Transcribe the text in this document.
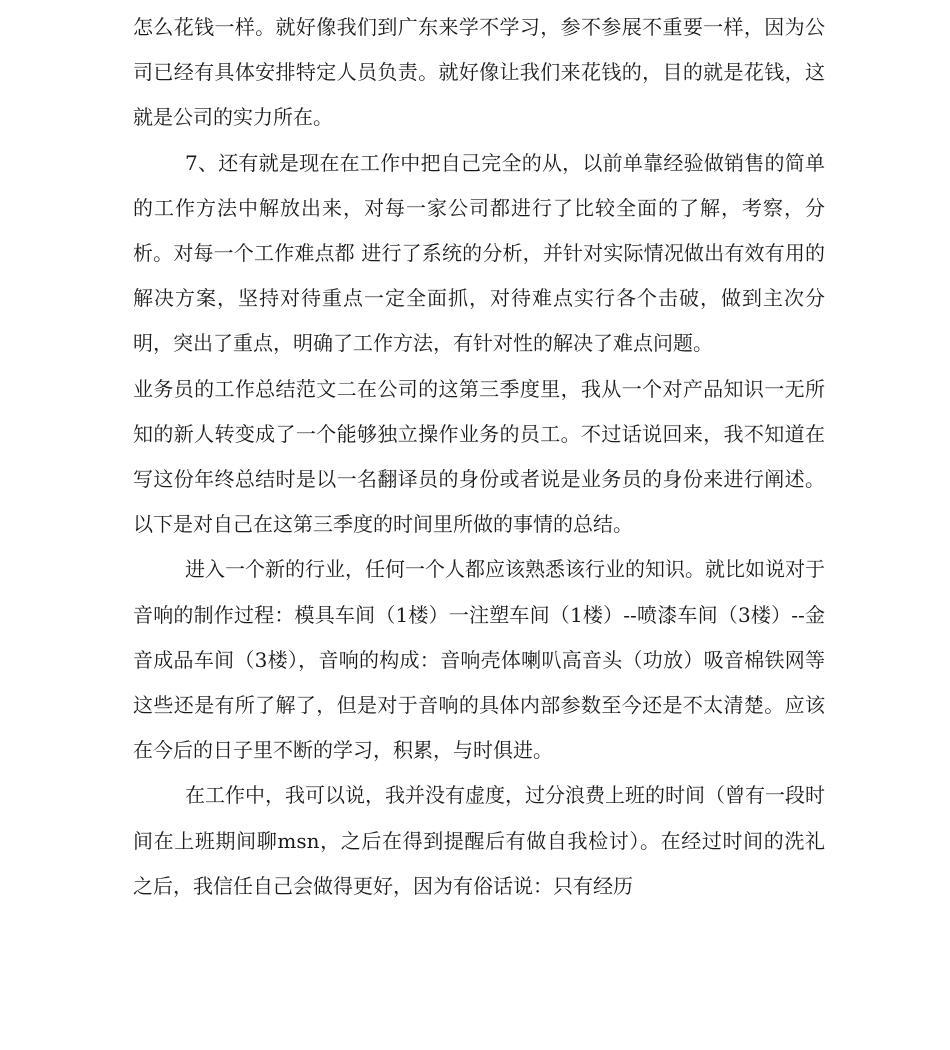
怎么花钱一样。就好像我们到广东来学不学习，参不参展不重要一样，因为公司已经有具体安排特定人员负责。就好像让我们来花钱的，目的就是花钱，这就是公司的实力所在。

7、还有就是现在在工作中把自己完全的从，以前单靠经验做销售的简单的工作方法中解放出来，对每一家公司都进行了比较全面的了解，考察，分析。对每一个工作难点都 进行了系统的分析，并针对实际情况做出有效有用的解决方案，坚持对待重点一定全面抓，对待难点实行各个击破，做到主次分明，突出了重点，明确了工作方法，有针对性的解决了难点问题。

业务员的工作总结范文二在公司的这第三季度里，我从一个对产品知识一无所知的新人转变成了一个能够独立操作业务的员工。不过话说回来，我不知道在写这份年终总结时是以一名翻译员的身份或者说是业务员的身份来进行阐述。以下是对自己在这第三季度的时间里所做的事情的总结。

进入一个新的行业，任何一个人都应该熟悉该行业的知识。就比如说对于音响的制作过程：模具车间（1楼）一注塑车间（1楼）--喷漆车间（3楼）--金音成品车间（3楼），音响的构成：音响壳体喇叭高音头（功放）吸音棉铁网等这些还是有所了解了，但是对于音响的具体内部参数至今还是不太清楚。应该在今后的日子里不断的学习，积累，与时俱进。

在工作中，我可以说，我并没有虚度，过分浪费上班的时间（曾有一段时间在上班期间聊msn，之后在得到提醒后有做自我检讨）。在经过时间的洗礼之后，我信任自己会做得更好，因为有俗话说：只有经历
